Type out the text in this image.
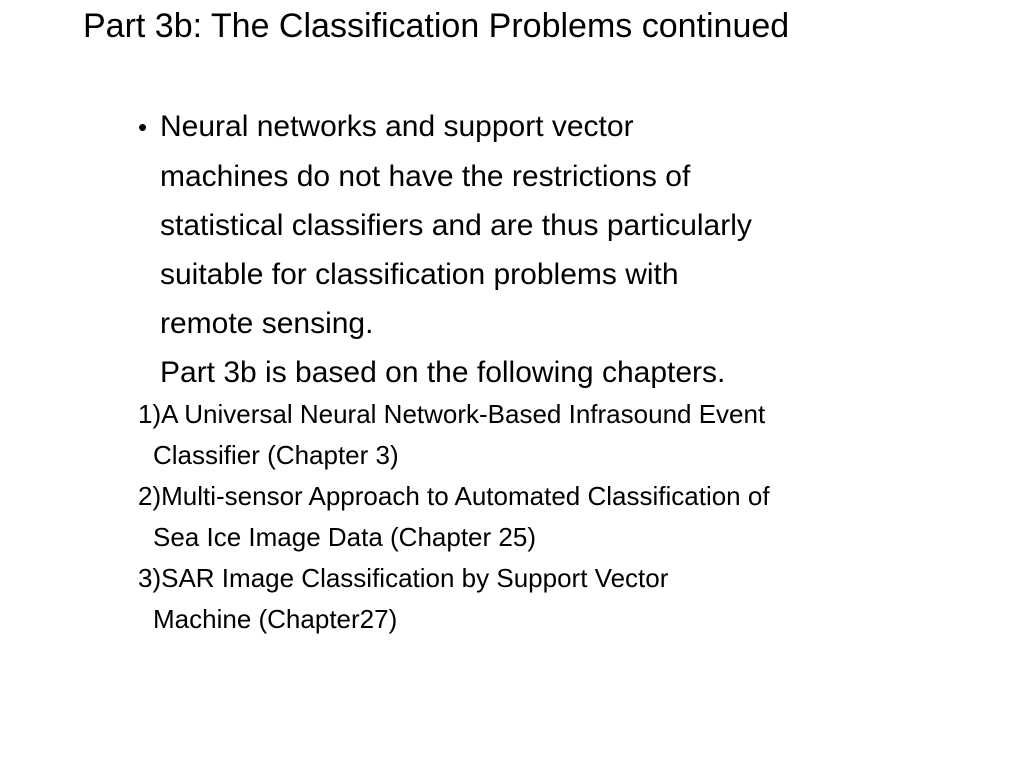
Part 3b: The Classification Problems continued
• Neural networks and support vector
machines do not have the restrictions of
statistical classifiers and are thus particularly
suitable for classification problems with
remote sensing.
Part 3b is based on the following chapters.
1)A Universal Neural Network-Based Infrasound Event
Classifier (Chapter 3)
2)Multi-sensor Approach to Automated Classification of
Sea Ice Image Data (Chapter 25)
3)SAR Image Classification by Support Vector
Machine (Chapter27)
